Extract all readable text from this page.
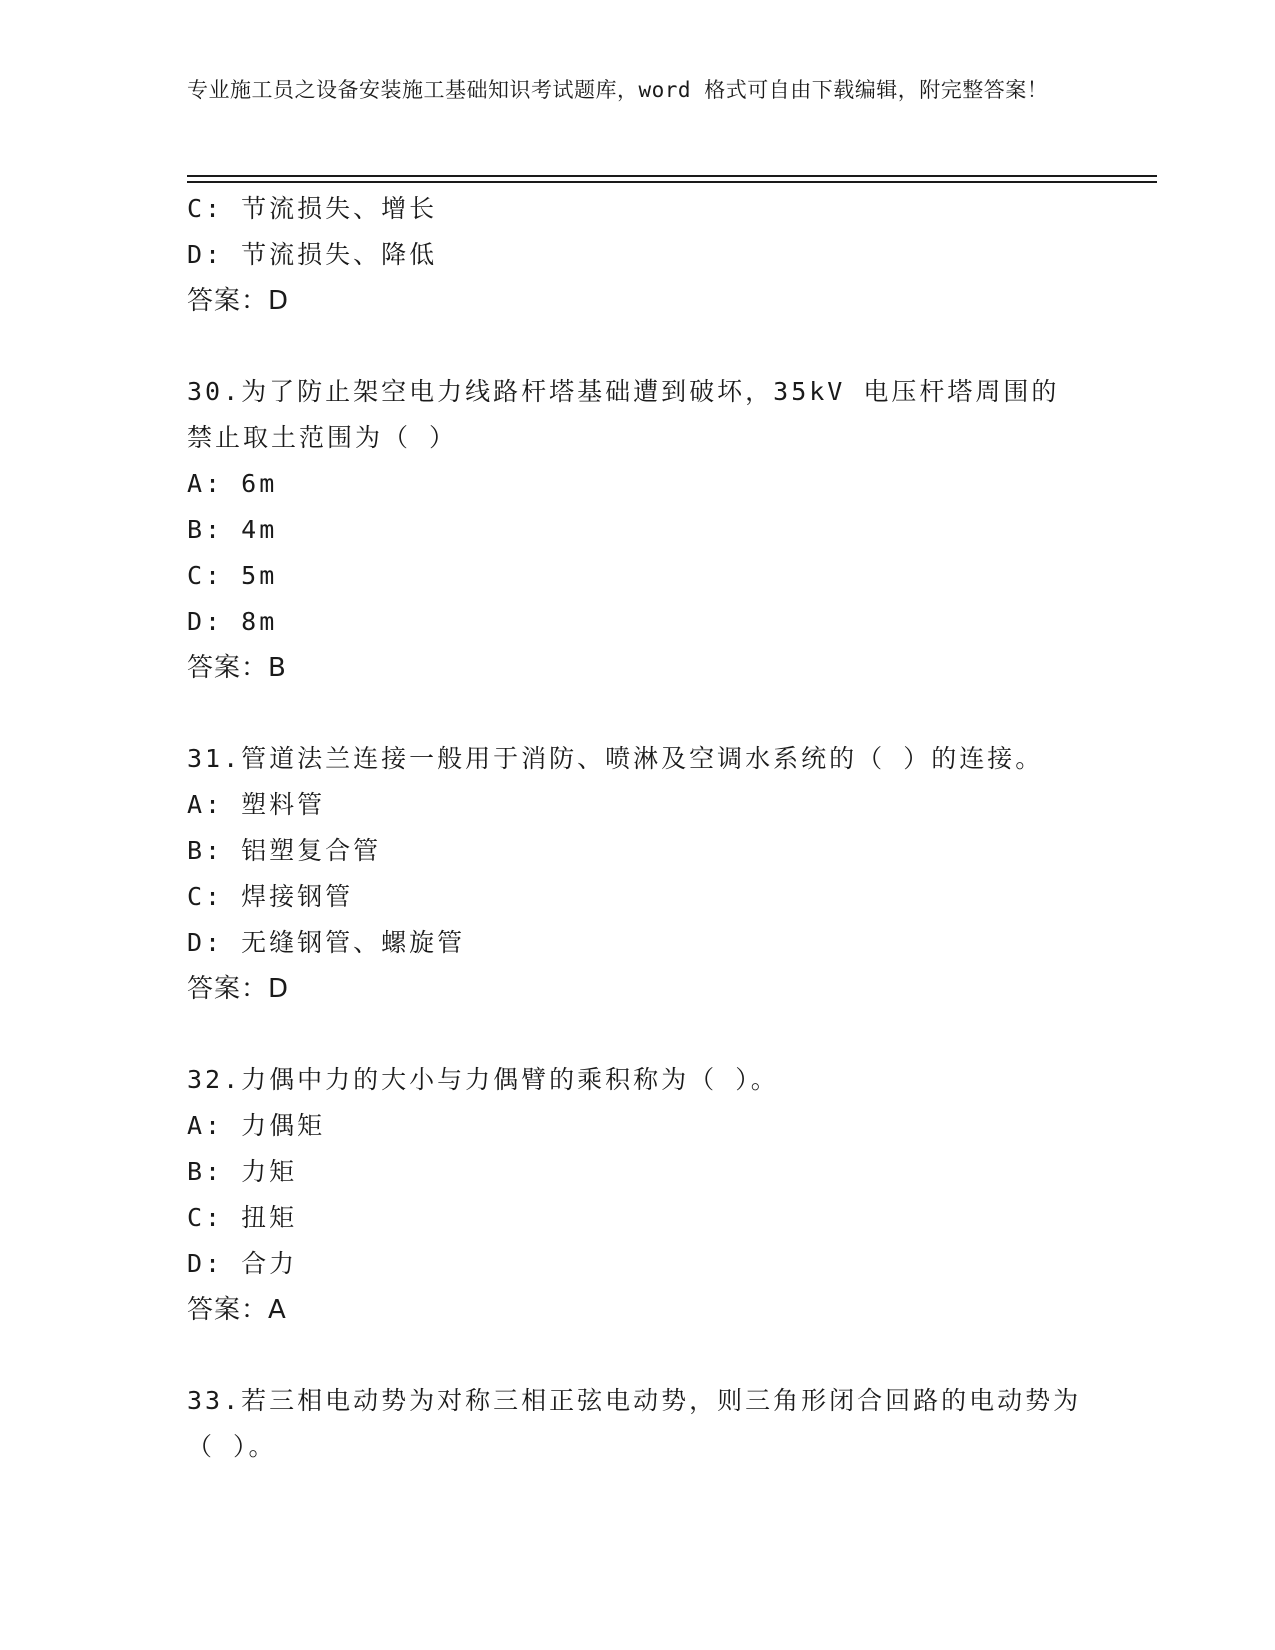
专业施工员之设备安装施工基础知识考试题库，word 格式可自由下载编辑，附完整答案！

C: 节流损失、增长

D: 节流损失、降低

答案：D

30.为了防止架空电力线路杆塔基础遭到破坏，35kV 电压杆塔周围的禁止取土范围为（ ）

A: 6m

B: 4m

C: 5m

D: 8m

答案：B

31.管道法兰连接一般用于消防、喷淋及空调水系统的（ ）的连接。

A: 塑料管

B: 铝塑复合管

C: 焊接钢管

D: 无缝钢管、螺旋管

答案：D

32.力偶中力的大小与力偶臂的乘积称为（ ）。

A: 力偶矩

B: 力矩

C: 扭矩

D: 合力

答案：A

33.若三相电动势为对称三相正弦电动势，则三角形闭合回路的电动势为（ ）。
